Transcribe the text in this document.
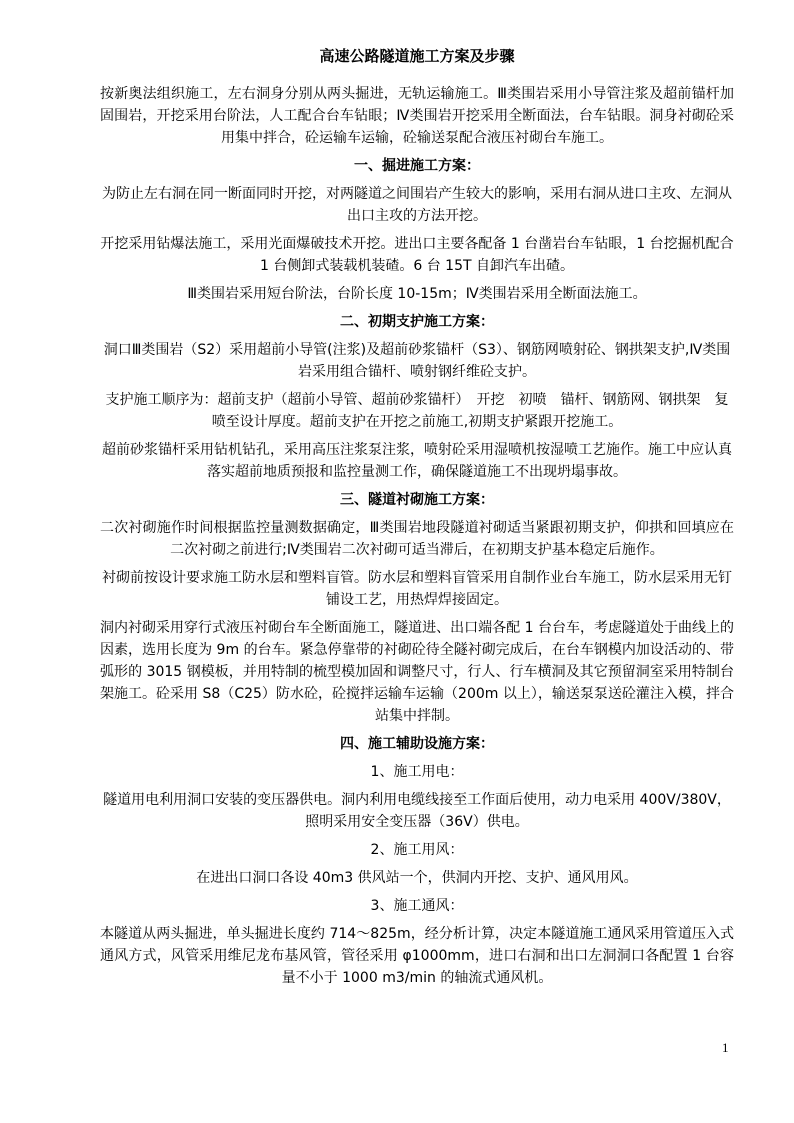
高速公路隧道施工方案及步骤

按新奥法组织施工，左右洞身分别从两头掘进，无轨运输施工。Ⅲ类围岩采用小导管注浆及超前锚杆加固围岩，开挖采用台阶法，人工配合台车钻眼；Ⅳ类围岩开挖采用全断面法，台车钻眼。洞身衬砌砼采用集中拌合，砼运输车运输，砼输送泵配合液压衬砌台车施工。

一、掘进施工方案：

为防止左右洞在同一断面同时开挖，对两隧道之间围岩产生较大的影响，采用右洞从进口主攻、左洞从出口主攻的方法开挖。

开挖采用钻爆法施工，采用光面爆破技术开挖。进出口主要各配备 1 台凿岩台车钻眼，1 台挖掘机配合 1 台侧卸式装载机装碴。6 台 15T 自卸汽车出碴。

Ⅲ类围岩采用短台阶法，台阶长度 10-15m；Ⅳ类围岩采用全断面法施工。

二、初期支护施工方案：

洞口Ⅲ类围岩（S2）采用超前小导管(注浆)及超前砂浆锚杆（S3）、钢筋网喷射砼、钢拱架支护,Ⅳ类围岩采用组合锚杆、喷射钢纤维砼支护。

支护施工顺序为：超前支护（超前小导管、超前砂浆锚杆）　开挖　初喷　锚杆、钢筋网、钢拱架　复喷至设计厚度。超前支护在开挖之前施工,初期支护紧跟开挖施工。

超前砂浆锚杆采用钻机钻孔，采用高压注浆泵注浆，喷射砼采用湿喷机按湿喷工艺施作。施工中应认真落实超前地质预报和监控量测工作，确保隧道施工不出现坍塌事故。

三、隧道衬砌施工方案：

二次衬砌施作时间根据监控量测数据确定，Ⅲ类围岩地段隧道衬砌适当紧跟初期支护，仰拱和回填应在二次衬砌之前进行;Ⅳ类围岩二次衬砌可适当滞后，在初期支护基本稳定后施作。

衬砌前按设计要求施工防水层和塑料盲管。防水层和塑料盲管采用自制作业台车施工，防水层采用无钉铺设工艺，用热焊焊接固定。

洞内衬砌采用穿行式液压衬砌台车全断面施工，隧道进、出口端各配 1 台台车，考虑隧道处于曲线上的因素，选用长度为 9m 的台车。紧急停靠带的衬砌砼待全隧衬砌完成后，在台车钢模内加设活动的、带弧形的 3015 钢模板，并用特制的梳型模加固和调整尺寸，行人、行车横洞及其它预留洞室采用特制台架施工。砼采用 S8（C25）防水砼，砼搅拌运输车运输（200m 以上），输送泵泵送砼灌注入模，拌合站集中拌制。

四、施工辅助设施方案：
1、施工用电：

隧道用电利用洞口安装的变压器供电。洞内利用电缆线接至工作面后使用，动力电采用 400V/380V，照明采用安全变压器（36V）供电。

2、施工用风：

在进出口洞口各设 40m3 供风站一个，供洞内开挖、支护、通风用风。

3、施工通风：

本隧道从两头掘进，单头掘进长度约 714～825m，经分析计算，决定本隧道施工通风采用管道压入式通风方式，风管采用维尼龙布基风管，管径采用 φ1000mm，进口右洞和出口左洞洞口各配置 1 台容量不小于 1000 m3/min 的轴流式通风机。

1
